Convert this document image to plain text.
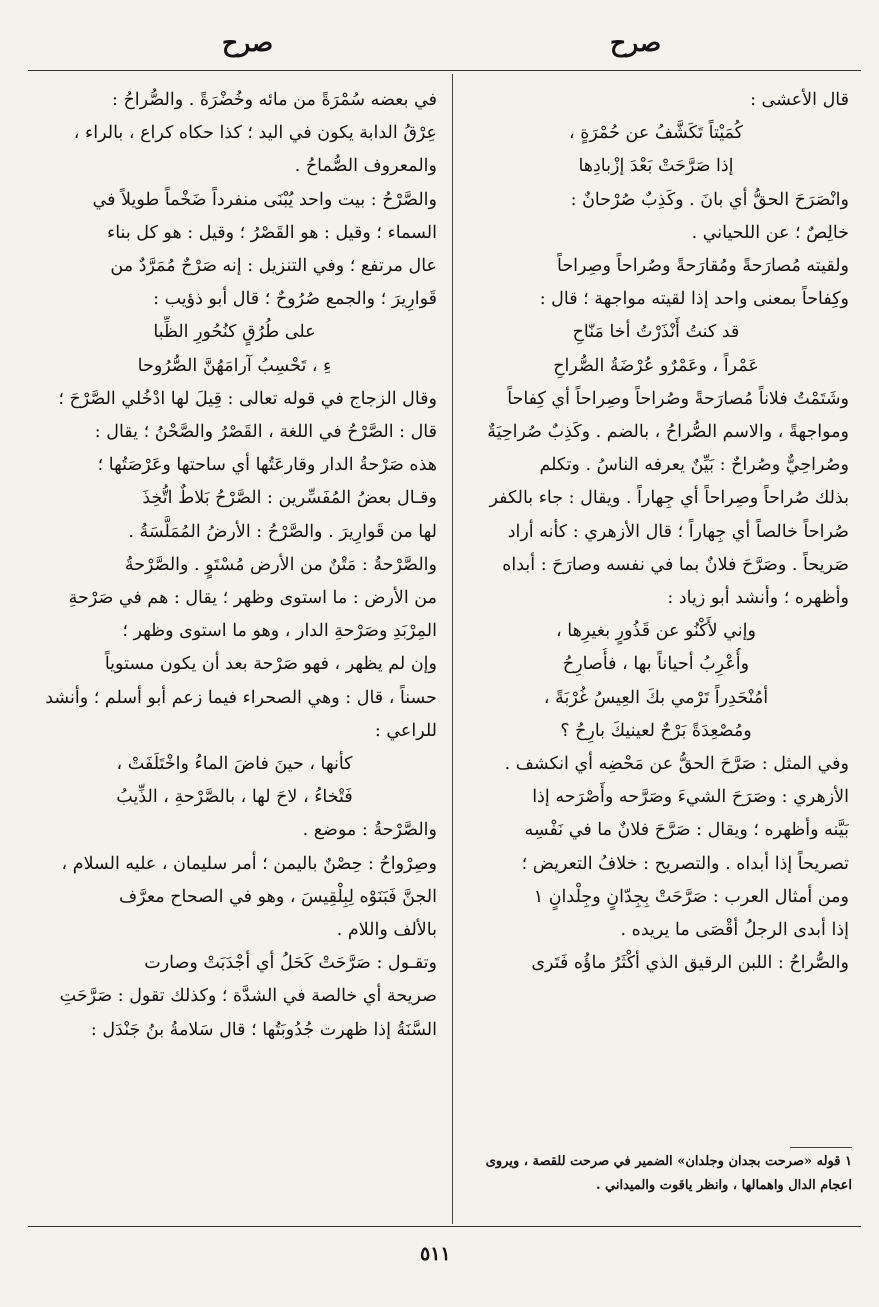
صرح
صرح
قال الأعشى :
كُمَيْتاً تَكَشَّفُ عن حُمْرَةٍ ،
إذا صَرَّحَتْ بَعْدَ إزْبادِها
وانْصَرَحَ الحقُّ أي بانَ . وكَذِبٌ صُرْحانٌ :
خالِصٌ ؛ عن اللحياني .
ولقيته مُصارَحةً ومُقارَحةً وصُراحاً وصِراحاً
وكِفاحاً بمعنى واحد إذا لقيته مواجهة ؛ قال :
قد كنتُ أَنْذَرْتُ أخا مَنّاحِ
عَمْراً ، وعَمْرٌو عُرْضَةُ الصُّراحِ
وشَتَمْتُ فلاناً مُصارَحةً وصُراحاً وصِراحاً أي كِفاحاً
ومواجهةً ، والاسم الصُّراحُ ، بالضم . وكَذِبٌ صُراحِيَةٌ
وصُراحِيٌّ وصُراحٌ : بَيِّنٌ يعرفه الناسُ . وتكلم
بذلك صُراحاً وصِراحاً أي جِهاراً . ويقال : جاء بالكفر
صُراحاً خالصاً أي جِهاراً ؛ قال الأزهري : كأنه أراد
صَريحاً . وصَرَّحَ فلانٌ بما في نفسه وصارَحَ : أبداه
وأظهره ؛ وأنشد أبو زياد :
وإني لأَكْنُو عن قَذُورٍ بغيرِها ،
وأُعْرِبُ أحياناً بها ، فأُصارِحُ
أمُنْحَدِراً تَرْمي بكَ العِيسُ غُرْبَةً ،
ومُصْعِدَةً بَرْحٌ لعينيكَ بارِحُ ؟
وفي المثل : صَرَّحَ الحقُّ عن مَحْضِه أي انكشف .
الأزهري : وصَرَحَ الشيءَ وصَرَّحه وأَصْرَحه إذا
بَيَّنه وأظهره ؛ ويقال : صَرَّحَ فلانٌ ما في نَفْسِه
تصريحاً إذا أبداه . والتصريح : خلافُ التعريض ؛
ومن أمثال العرب : صَرَّحَتْ بِجِدّانٍ وجِلْدانٍ ١
إذا أبدى الرجلُ أقْصَى ما يريده .
والصُّراحُ : اللبن الرقيق الذي أكْثَرُ ماؤُه فَتَرى
في بعضه سُمْرَةً من مائه وخُضْرَةً . والصُّراحُ :
عِرْقُ الدابة يكون في اليد ؛ كذا حكاه كراع ، بالراء ،
والمعروف الصُّماحُ .
والصَّرْحُ : بيت واحد يُبْنَى منفرداً ضَخْماً طويلاً في
السماء ؛ وقيل : هو القَصْرُ ؛ وقيل : هو كل بناء
عال مرتفع ؛ وفي التنزيل : إنه صَرْحٌ مُمَرَّدٌ من
قَوارِيرَ ؛ والجمع صُرُوحٌ ؛ قال أبو ذؤيب :
على طُرُقٍ كنُحُورِ الظِّبا
ءِ ، تَحْسِبُ آرامَهُنَّ الصُّرُوحا
وقال الزجاج في قوله تعالى : قِيلَ لها ادْخُلي الصَّرْحَ ؛
قال : الصَّرْحُ في اللغة ، القَصْرُ والصَّحْنُ ؛ يقال :
هذه صَرْحةُ الدار وقارعَتُها أي ساحتها وعَرْصَتُها ؛
وقـال بعضُ المُفَسِّرين : الصَّرْحُ بَلاطٌ اتُّخِذَ
لها من قَوارِيرَ . والصَّرْحُ : الأرضُ المُمَلَّسَةُ .
والصَّرْحةُ : مَتْنٌ من الأرض مُسْتَوٍ . والصَّرْحةُ
من الأرض : ما استوى وظهر ؛ يقال : هم في صَرْحةِ
المِرْبَدِ وصَرْحةِ الدار ، وهو ما استوى وظهر ؛
وإن لم يظهر ، فهو صَرْحة بعد أن يكون مستوياً
حسناً ، قال : وهي الصحراء فيما زعم أبو أسلم ؛ وأنشد
للراعي :
كأنها ، حينَ فاضَ الماءُ واخْتَلَفَتْ ،
فَتْخاءُ ، لاحَ لها ، بالصَّرْحةِ ، الذِّيبُ
والصَّرْحةُ : موضع .
وصِرْواحُ : حِصْنٌ باليمن ؛ أمر سليمان ، عليه السلام ،
الجنَّ فَبَنَوْه لِبِلْقِيسَ ، وهو في الصحاح معرَّف
بالألف واللام .
وتقـول : صَرَّحَتْ كَحَلُ أي أجْدَبَتْ وصارت
صريحة أي خالصة في الشدَّة ؛ وكذلك تقول : صَرَّحَتِ
السَّنَةُ إذا ظهرت جُدُوبَتُها ؛ قال سَلامةُ بنُ جَنْدَل :
١ قوله «صرحت بجدان وجلدان» الضمير في صرحت للقصة ، ويروى
اعجام الدال واهمالها ، وانظر ياقوت والميداني .
٥١١
